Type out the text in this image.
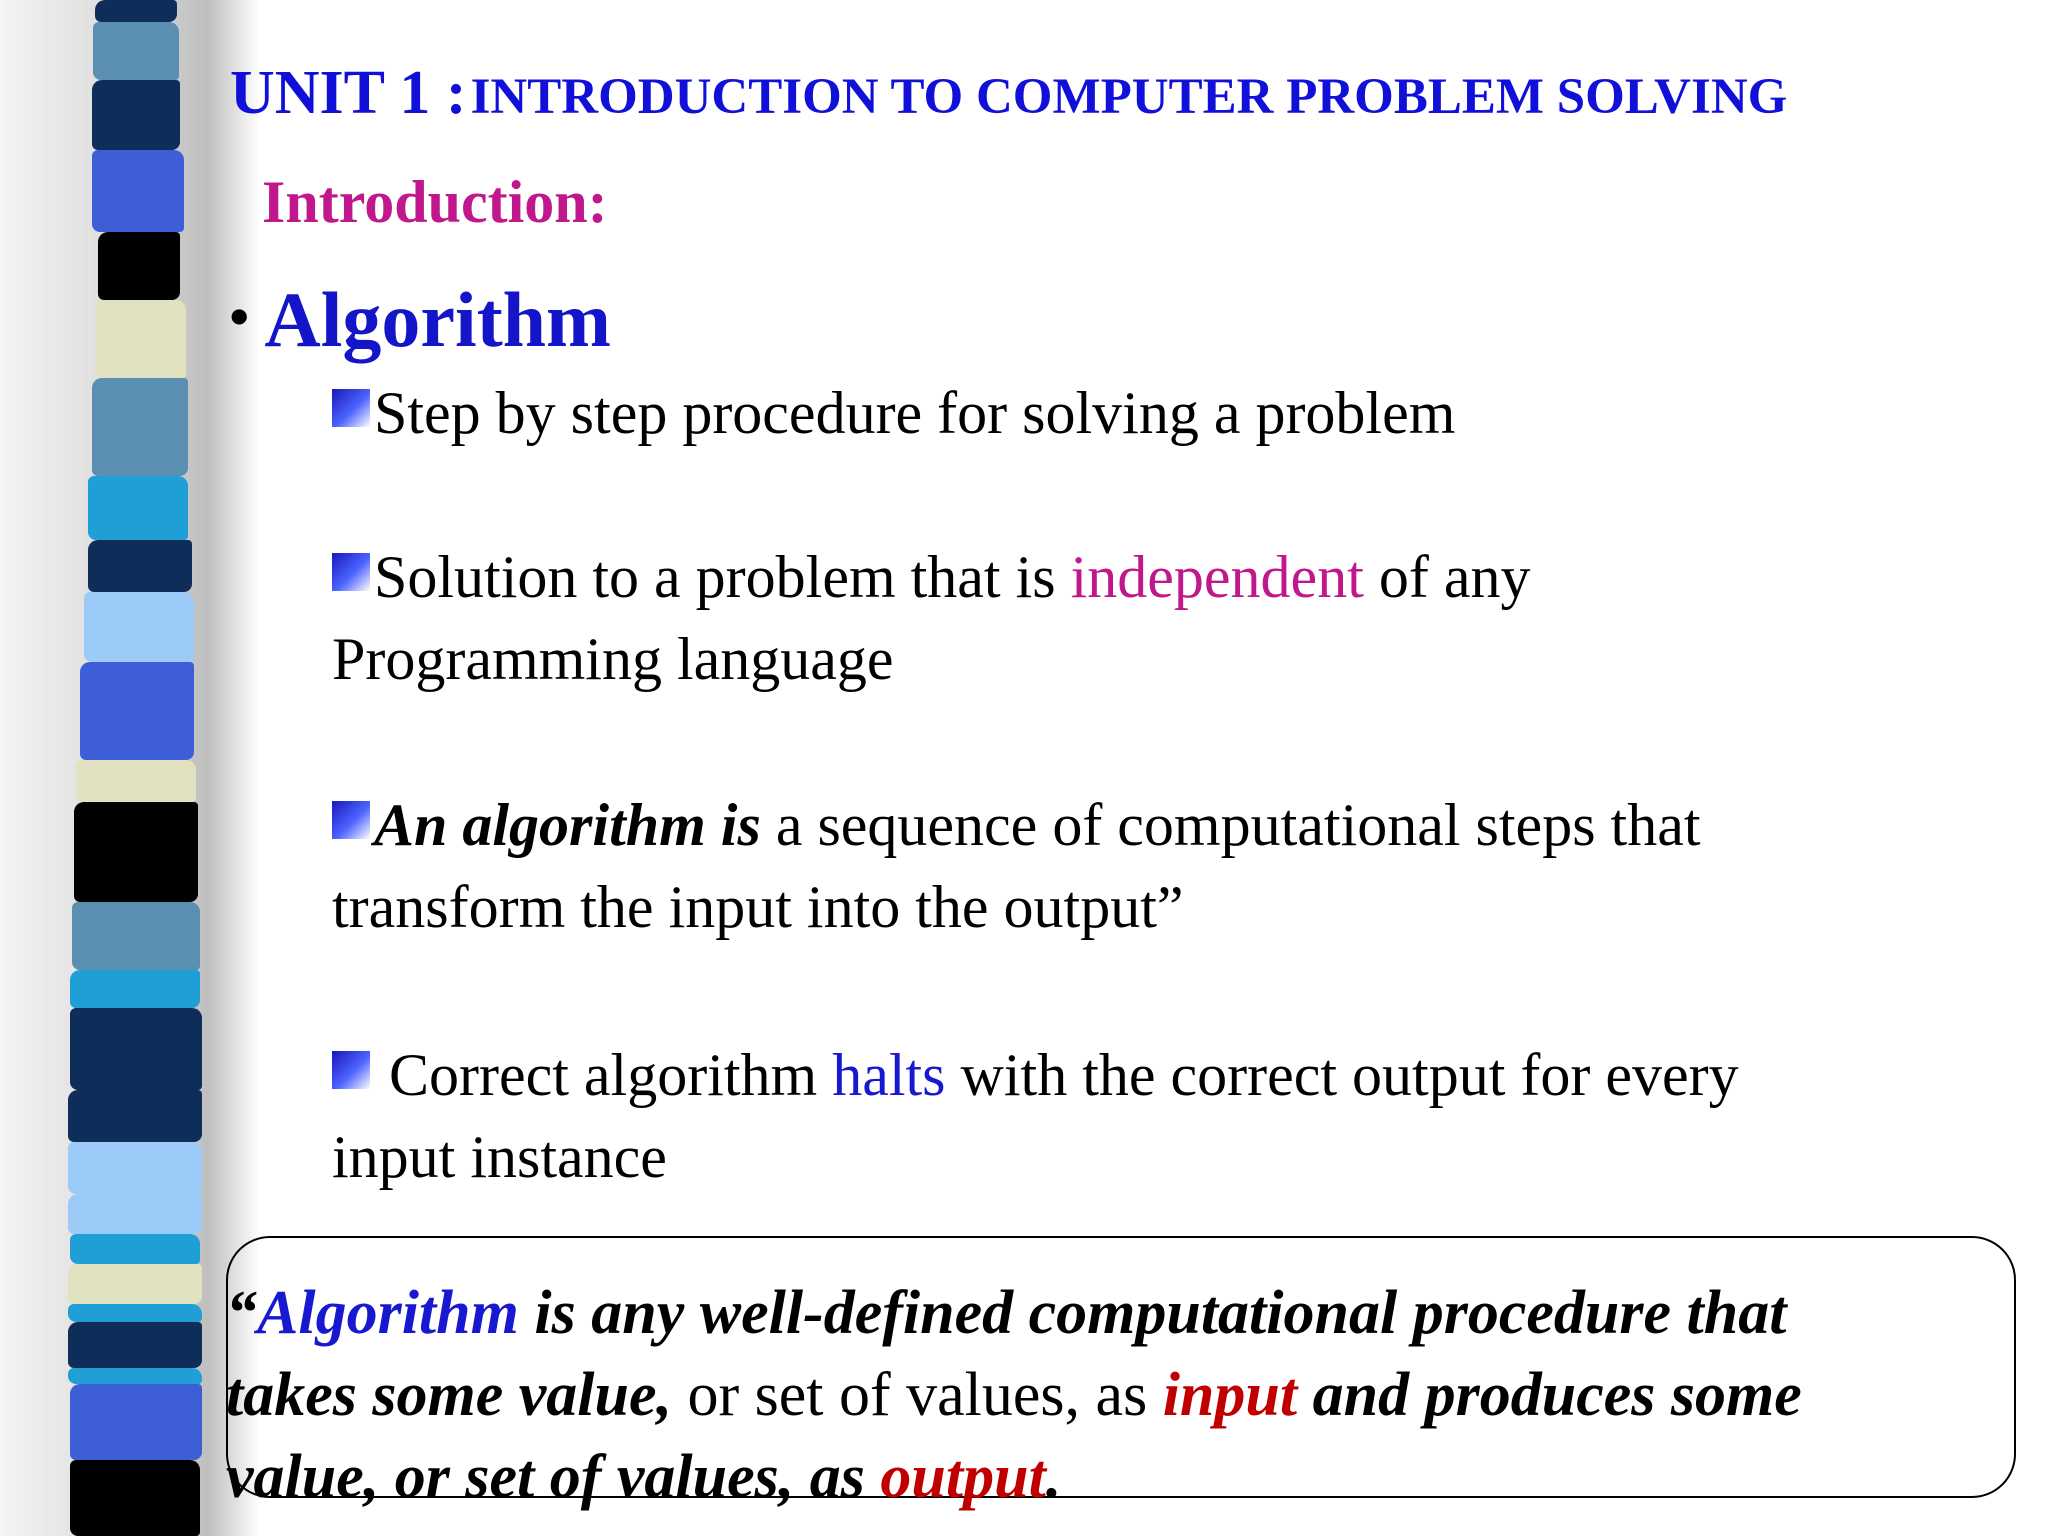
UNIT 1 : INTRODUCTION TO COMPUTER PROBLEM SOLVING
Introduction:
• Algorithm
Step by step procedure for solving a problem
Solution to a problem that is independent of any
Programming language
An algorithm is a sequence of computational steps that
transform the input into the output”
Correct algorithm halts with the correct output for every
input instance
“Algorithm is any well-defined computational procedure that
takes some value, or set of values, as input and produces some
value, or set of values, as output.
